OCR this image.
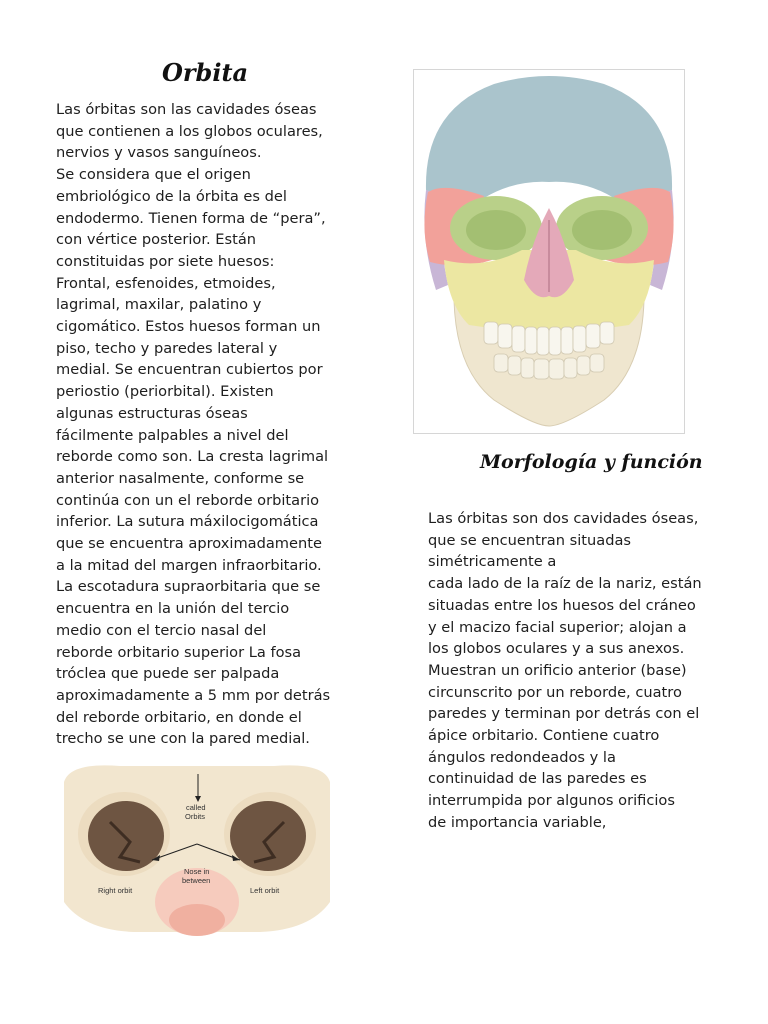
Orbita
Las órbitas son las cavidades óseas
que contienen a los globos oculares,
nervios y vasos sanguíneos.
Se considera que el origen
embriológico de la órbita es del
endodermo. Tienen forma de “pera”,
con vértice posterior. Están
constituidas por siete huesos:
Frontal, esfenoides, etmoides,
lagrimal, maxilar, palatino y
cigomático. Estos huesos forman un
piso, techo y paredes lateral y
medial. Se encuentran cubiertos por
periostio (periorbital). Existen
algunas estructuras óseas
fácilmente palpables a nivel del
reborde como son. La cresta lagrimal
anterior nasalmente, conforme se
continúa con un el reborde orbitario
inferior. La sutura máxilocigomática
que se encuentra aproximadamente
a la mitad del margen infraorbitario.
La escotadura supraorbitaria que se
encuentra en la unión del tercio
medio con el tercio nasal del
reborde orbitario superior La fosa
tróclea que puede ser palpada
aproximadamente a 5 mm por detrás
del reborde orbitario, en donde el
trecho se une con la pared medial.
Morfología y función
Las órbitas son dos cavidades óseas,
que se encuentran situadas
simétricamente a
cada lado de la raíz de la nariz, están
situadas entre los huesos del cráneo
y el macizo facial superior; alojan a
los globos oculares y a sus anexos.
Muestran un orificio anterior (base)
circunscrito por un reborde, cuatro
paredes y terminan por detrás con el
ápice orbitario. Contiene cuatro
ángulos redondeados y la
continuidad de las paredes es
interrumpida por algunos orificios
de importancia variable,
called
Orbits
Nose in
between
Right orbit	Left orbit
